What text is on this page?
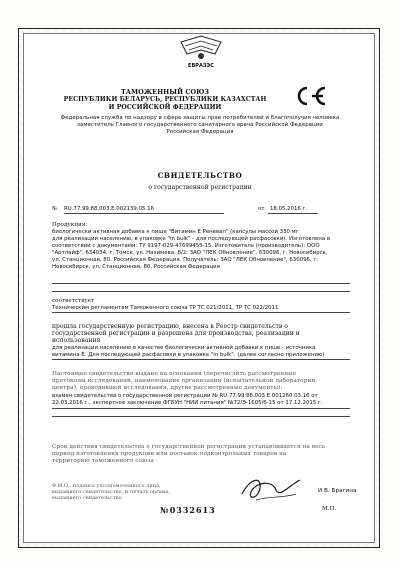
ЕВРАЗЭС
ТАМОЖЕННЫЙ СОЮЗ
РЕСПУБЛИКИ БЕЛАРУСЬ, РЕСПУБЛИКИ КАЗАХСТАН
И РОССИЙСКОЙ ФЕДЕРАЦИИ
Федеральная служба по надзору в сфере защиты прав потребителей и благополучия человека
заместитель Главного государственного санитарного врача Российской Федерации
Российская Федерация
СВИДЕТЕЛЬСТВО
о государственной регистрации
№	RU.77.99.88.003.E.002139.05.16	от	18.05.2016 г.
Продукция:
биологически активная добавка к пище "Витамин Е Реневал" (капсулы массой 330 мг
для реализации населению, в упаковке "in bulk" - для последующей расфасовки). Изготовлена в
соответствии с документами: ТУ 9197-029-47699455-15. Изготовитель (производитель): ООО
"Артлайф", 634034, г. Томск, ул. Нахимова, 8/2; ЗАО "ЛЕК Обновление", 630096, г. Новосибирск,
ул. Станционная, 80, Российская Федерация. Получатель: ЗАО "ЛЕК Обновление", 630096, г.
Новосибирск, ул. Станционная, 80, Российская Федерация
соответствует
Техническим регламентам Таможенного союза ТР ТС 021/2011, ТР ТС 022/2011
прошла государственную регистрацию, внесена в Реестр свидетельств о
государственной регистрации и разрешена для производства, реализации и
использования
для реализации населению в качестве биологически активной добавки к пище - источника
витамина Е. Для последующей расфасовки в упаковке "in bulk". (далее согласно приложению)
Настоящее свидетельство выдано на основании (перечислить рассмотренные
протоколы исследований, наименование организации (испытательной лаборатории,
центра), проводившей исследования, другие рассмотренные документы):
взамен свидетельства о государственной регистрации № RU.77.99.88.003.E.001260.03.16 от
22.03.2016 г., экспертное заключение ФГБУН "НИИ питания" №72/Э-1605/б-15 от 17.12.2015 г.
Срок действия свидетельства о государственной регистрации устанавливается на весь
период изготовления продукции или поставок подконтрольных товаров на
территорию таможенного союза
Ф.И.О., подпись уполномоченного лица,
выдавшего свидетельство, и печать органа,
выдавшего свидетельство
И.В. Брагина
М.П.
№0332613
